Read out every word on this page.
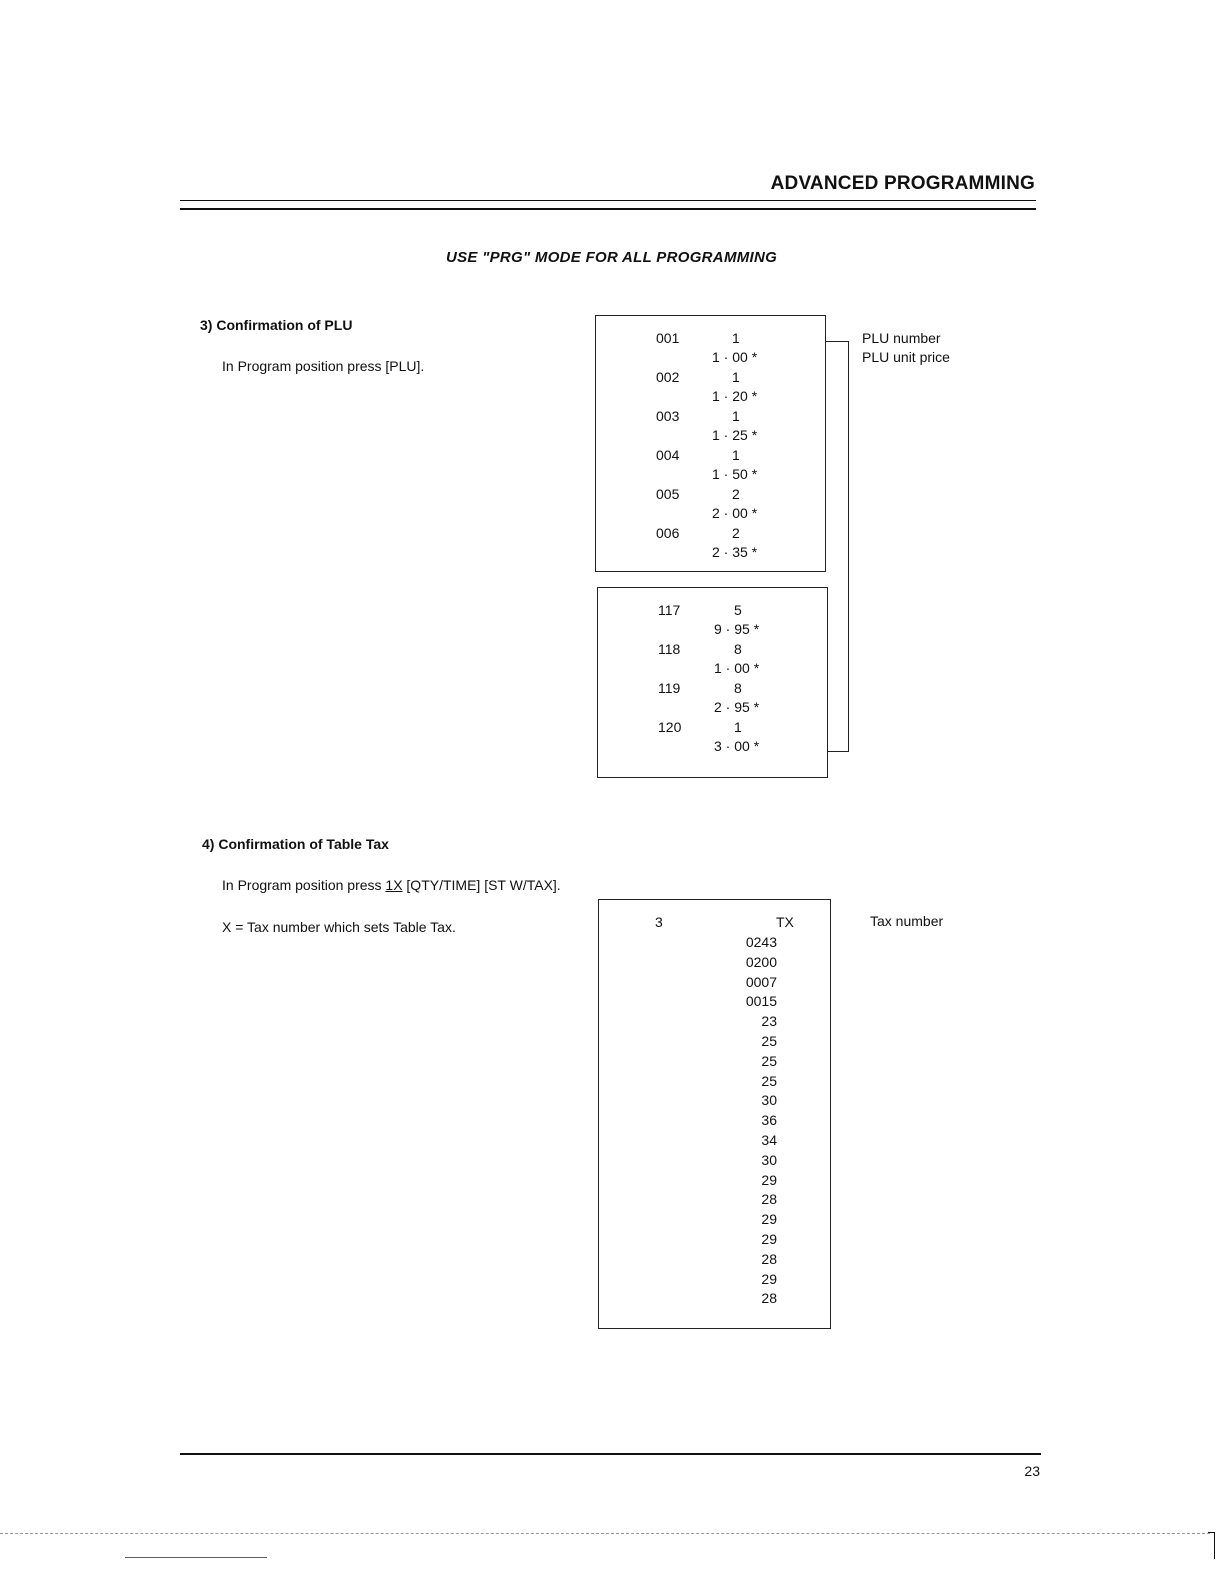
ADVANCED PROGRAMMING
USE "PRG" MODE FOR ALL PROGRAMMING
3) Confirmation of PLU
In Program position press [PLU].
001	1
1 · 00 *
002	1
1 · 20 *
003	1
1 · 25 *
004	1
1 · 50 *
005	2
2 · 00 *
006	2
2 · 35 *
117	5
9 · 95 *
118	8
1 · 00 *
119	8
2 · 95 *
120	1
3 · 00 *
PLU number
PLU unit price
4) Confirmation of Table Tax
In Program position press 1X [QTY/TIME] [ST W/TAX].
X = Tax number which sets Table Tax.	3	TX
0243
0200
0007
0015
23
25
25
25
30
36
34
30
29
28
29
29
28
29
28
Tax number
23
